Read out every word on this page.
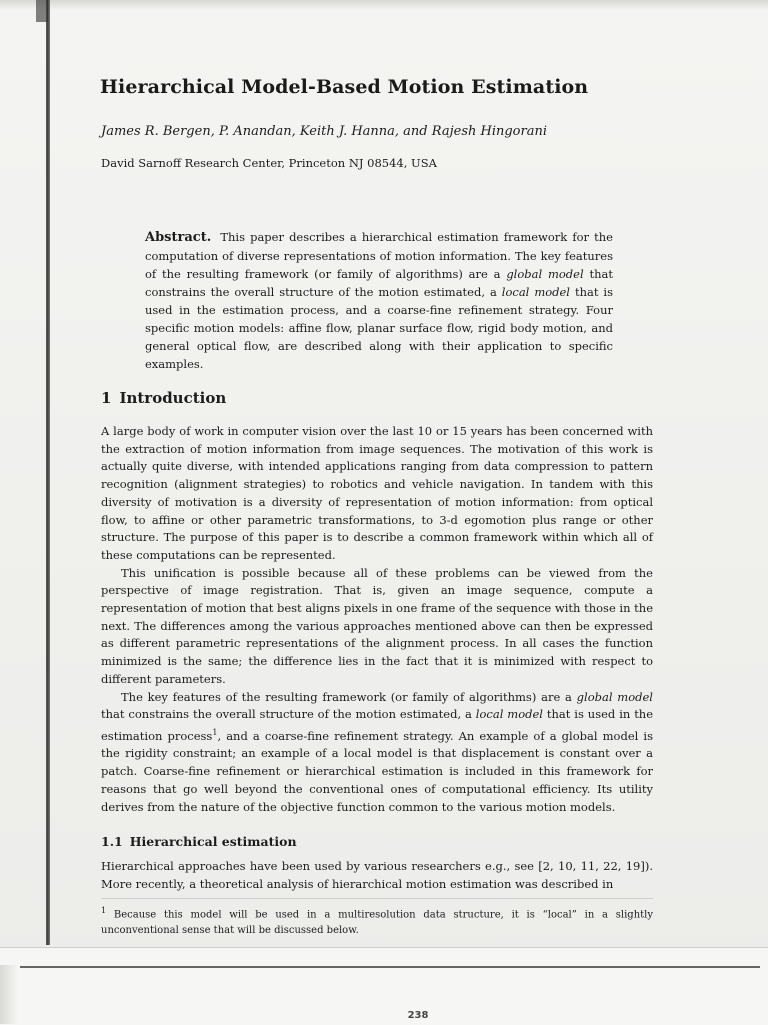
Hierarchical Model-Based Motion Estimation
James R. Bergen, P. Anandan, Keith J. Hanna, and Rajesh Hingorani
David Sarnoff Research Center, Princeton NJ 08544, USA
Abstract. This paper describes a hierarchical estimation framework for the computation of diverse representations of motion information. The key features of the resulting framework (or family of algorithms) are a global model that constrains the overall structure of the motion estimated, a local model that is used in the estimation process, and a coarse-fine refinement strategy. Four specific motion models: affine flow, planar surface flow, rigid body motion, and general optical flow, are described along with their application to specific examples.
1 Introduction

A large body of work in computer vision over the last 10 or 15 years has been concerned with the extraction of motion information from image sequences. The motivation of this work is actually quite diverse, with intended applications ranging from data compression to pattern recognition (alignment strategies) to robotics and vehicle navigation. In tandem with this diversity of motivation is a diversity of representation of motion information: from optical flow, to affine or other parametric transformations, to 3-d egomotion plus range or other structure. The purpose of this paper is to describe a common framework within which all of these computations can be represented.

This unification is possible because all of these problems can be viewed from the perspective of image registration. That is, given an image sequence, compute a representation of motion that best aligns pixels in one frame of the sequence with those in the next. The differences among the various approaches mentioned above can then be expressed as different parametric representations of the alignment process. In all cases the function minimized is the same; the difference lies in the fact that it is minimized with respect to different parameters.

The key features of the resulting framework (or family of algorithms) are a global model that constrains the overall structure of the motion estimated, a local model that is used in the estimation process$^1$, and a coarse-fine refinement strategy. An example of a global model is the rigidity constraint; an example of a local model is that displacement is constant over a patch. Coarse-fine refinement or hierarchical estimation is included in this framework for reasons that go well beyond the conventional ones of computational efficiency. Its utility derives from the nature of the objective function common to the various motion models.

1.1 Hierarchical estimation
Hierarchical approaches have been used by various researchers e.g., see [2, 10, 11, 22, 19]). More recently, a theoretical analysis of hierarchical motion estimation was described in
$^1$ Because this model will be used in a multiresolution data structure, it is “local” in a slightly unconventional sense that will be discussed below.
238
